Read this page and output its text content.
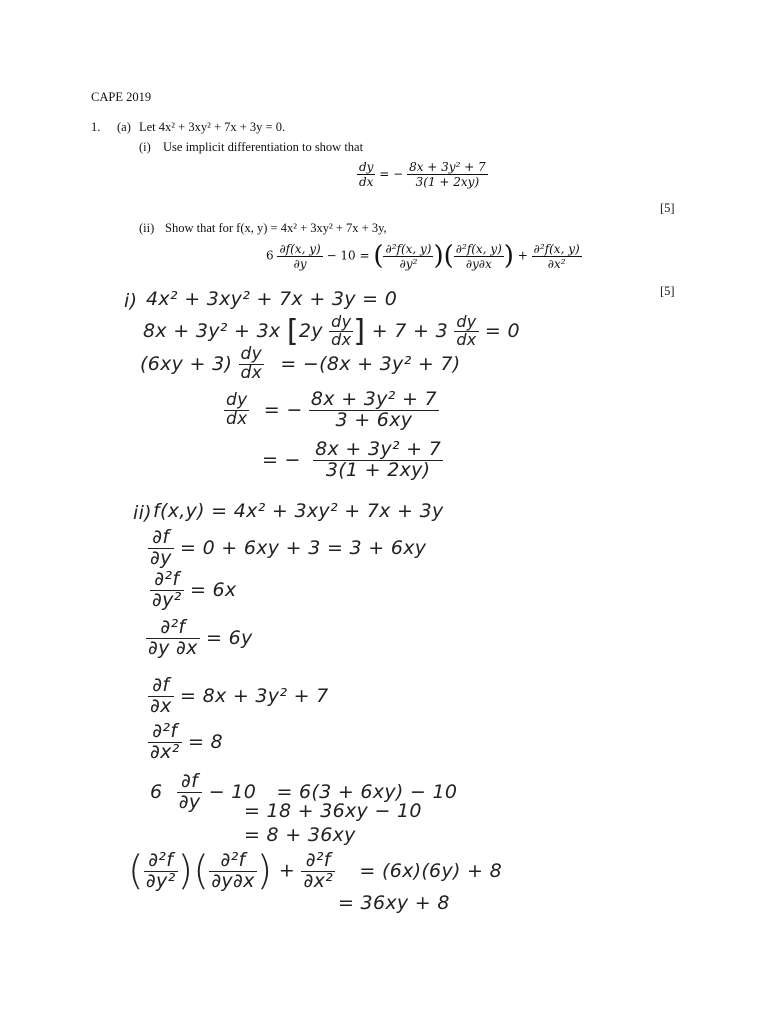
CAPE 2019
1. (a) Let 4x² + 3xy² + 7x + 3y = 0.
(i) Use implicit differentiation to show that
$\frac{dy}{dx}$ = − $\frac{\text{8x + 3y² + 7}}{3(1 + 2xy)}$
[5]
(ii) Show that for f(x, y) = 4x² + 3xy² + 7x + 3y,
$6 \frac{\partial f(x, y)}{\partial y} - 10$ = ( $\frac{\text{∂²f(x, y)}}{\text{∂y²}}$ )( $\frac{\text{∂²f(x, y)}}{\partial y\partial x}$ ) + $\frac{\text{∂²f(x, y)}}{\text{∂x²}}$
[5]
i) 4x² + 3xy² + 7x + 3y = 0
8x + 3y² + 3x [$2y \frac{dy}{dx}$ ] + $7 + 3 \frac{dy}{dx} = 0$
$(6xy + 3) \frac{dy}{dx} = -(8x + 3y^2 + 7)$
$\frac{dy}{dx}$ = − $\frac{\text{8x + 3y² + 7}}{3 + 6xy}$
= − $\frac{\text{8x + 3y² + 7}}{3(1 + 2xy)}$
ii) f(x,y) = 4x² + 3xy² + 7x + 3y
$\frac{\partial f}{\partial y} = 0 + 6xy + 3 = 3 + 6xy$
$\frac{\text{∂²f}}{\text{∂y²}} = 6x$
$\frac{\text{∂²f}}{\partial y \partial x} = 6y$
$\frac{\partial f}{\partial x} = 8x + 3y^2 + 7$
$\frac{\text{∂²f}}{\text{∂x²}} = 8$
$6 \frac{\partial f}{\partial y} - 10 = 6(3 + 6xy) - 10$
= 18 + 36xy − 10
= 8 + 36xy
( $\frac{\text{∂²f}}{\text{∂y²}}$ )( $\frac{\text{∂²f}}{\partial y\partial x}$ ) + $\frac{\text{∂²f}}{\text{∂x²}} = (6x)(6y) + 8$
= 36xy + 8
